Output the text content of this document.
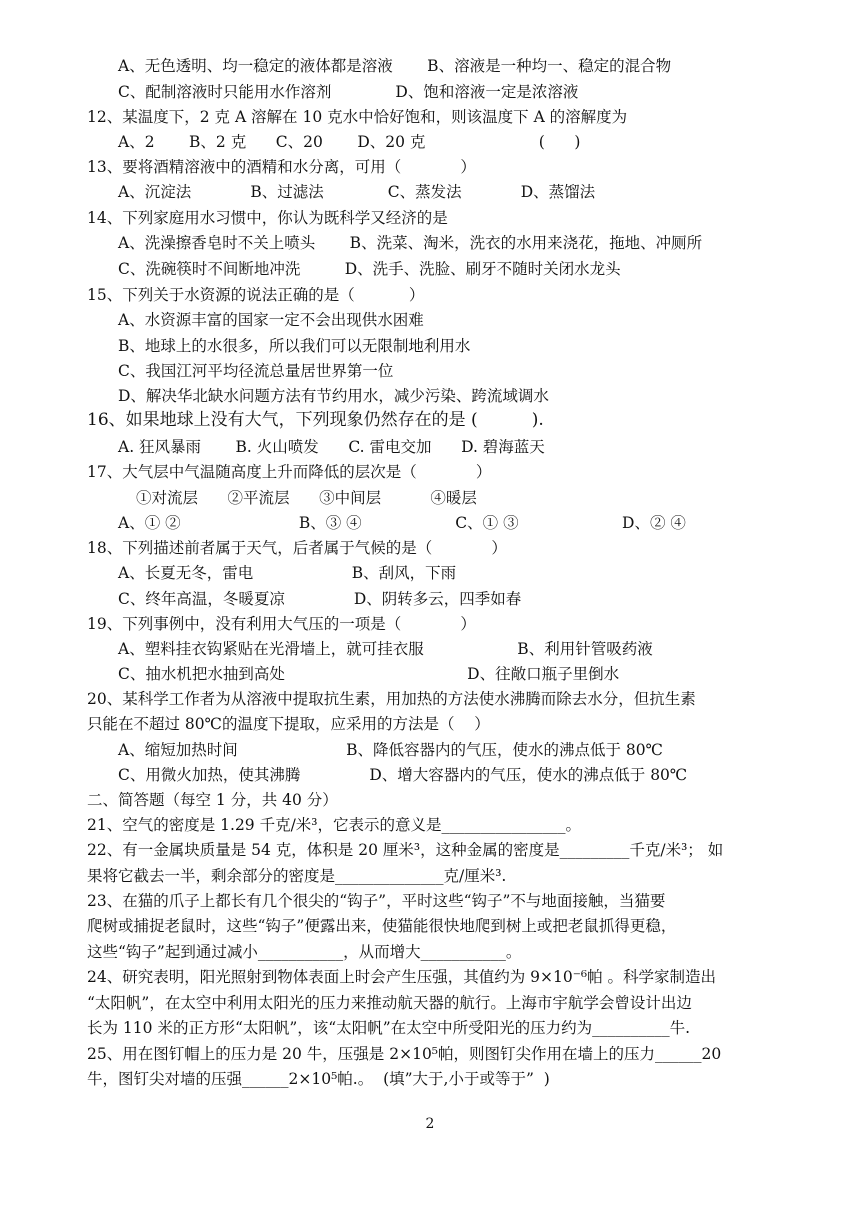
A、无色透明、均一稳定的液体都是溶液       B、溶液是一种均一、稳定的混合物
C、配制溶液时只能用水作溶剂             D、饱和溶液一定是浓溶液
12、某温度下，2 克 A 溶解在 10 克水中恰好饱和，则该温度下 A 的溶解度为
A、2       B、2 克      C、20       D、20 克                       (      )
13、要将酒精溶液中的酒精和水分离，可用（            ）
A、沉淀法            B、过滤法             C、蒸发法            D、蒸馏法
14、下列家庭用水习惯中，你认为既科学又经济的是
A、洗澡擦香皂时不关上喷头       B、洗菜、淘米，洗衣的水用来浇花，拖地、冲厕所
C、洗碗筷时不间断地冲洗         D、洗手、洗脸、刷牙不随时关闭水龙头
15、下列关于水资源的说法正确的是（           ）
A、水资源丰富的国家一定不会出现供水困难
B、地球上的水很多，所以我们可以无限制地利用水
C、我国江河平均径流总量居世界第一位
D、解决华北缺水问题方法有节约用水，减少污染、跨流域调水
16、如果地球上没有大气，下列现象仍然存在的是 (          ).
A. 狂风暴雨       B. 火山喷发      C. 雷电交加      D. 碧海蓝天
17、大气层中气温随高度上升而降低的层次是（            ）
①对流层      ②平流层      ③中间层          ④暖层
A、① ②                        B、③ ④                   C、① ③                     D、② ④
18、下列描述前者属于天气，后者属于气候的是（            ）
A、长夏无冬，雷电                    B、刮风，下雨
C、终年高温，冬暖夏凉              D、阴转多云，四季如春
19、下列事例中，没有利用大气压的一项是（            ）
A、塑料挂衣钩紧贴在光滑墙上，就可挂衣服                   B、利用针管吸药液
C、抽水机把水抽到高处                                     D、往敞口瓶子里倒水
20、某科学工作者为从溶液中提取抗生素，用加热的方法使水沸腾而除去水分，但抗生素
只能在不超过 80℃的温度下提取，应采用的方法是（    ）
A、缩短加热时间                      B、降低容器内的气压，使水的沸点低于 80℃
C、用微火加热，使其沸腾              D、增大容器内的气压，使水的沸点低于 80℃
二、简答题（每空 1 分，共 40 分）
21、空气的密度是 1.29 千克/米³，它表示的意义是________________。
22、有一金属块质量是 54 克，体积是 20 厘米³，这种金属的密度是_________千克/米³； 如
果将它截去一半，剩余部分的密度是______________克/厘米³.
23、在猫的爪子上都长有几个很尖的“钩子”，平时这些“钩子”不与地面接触，当猫要
爬树或捕捉老鼠时，这些“钩子”便露出来，使猫能很快地爬到树上或把老鼠抓得更稳，
这些“钩子”起到通过减小___________，从而增大___________。
24、研究表明，阳光照射到物体表面上时会产生压强，其值约为 9×10⁻⁶帕 。科学家制造出
“太阳帆”，在太空中利用太阳光的压力来推动航天器的航行。上海市宇航学会曾设计出边
长为 110 米的正方形“太阳帆”，该“太阳帆”在太空中所受阳光的压力约为__________牛.
25、用在图钉帽上的压力是 20 牛，压强是 2×10⁵帕，则图钉尖作用在墙上的压力______20
牛，图钉尖对墙的压强______2×10⁵帕.。  (填”大于,小于或等于”  )
2
